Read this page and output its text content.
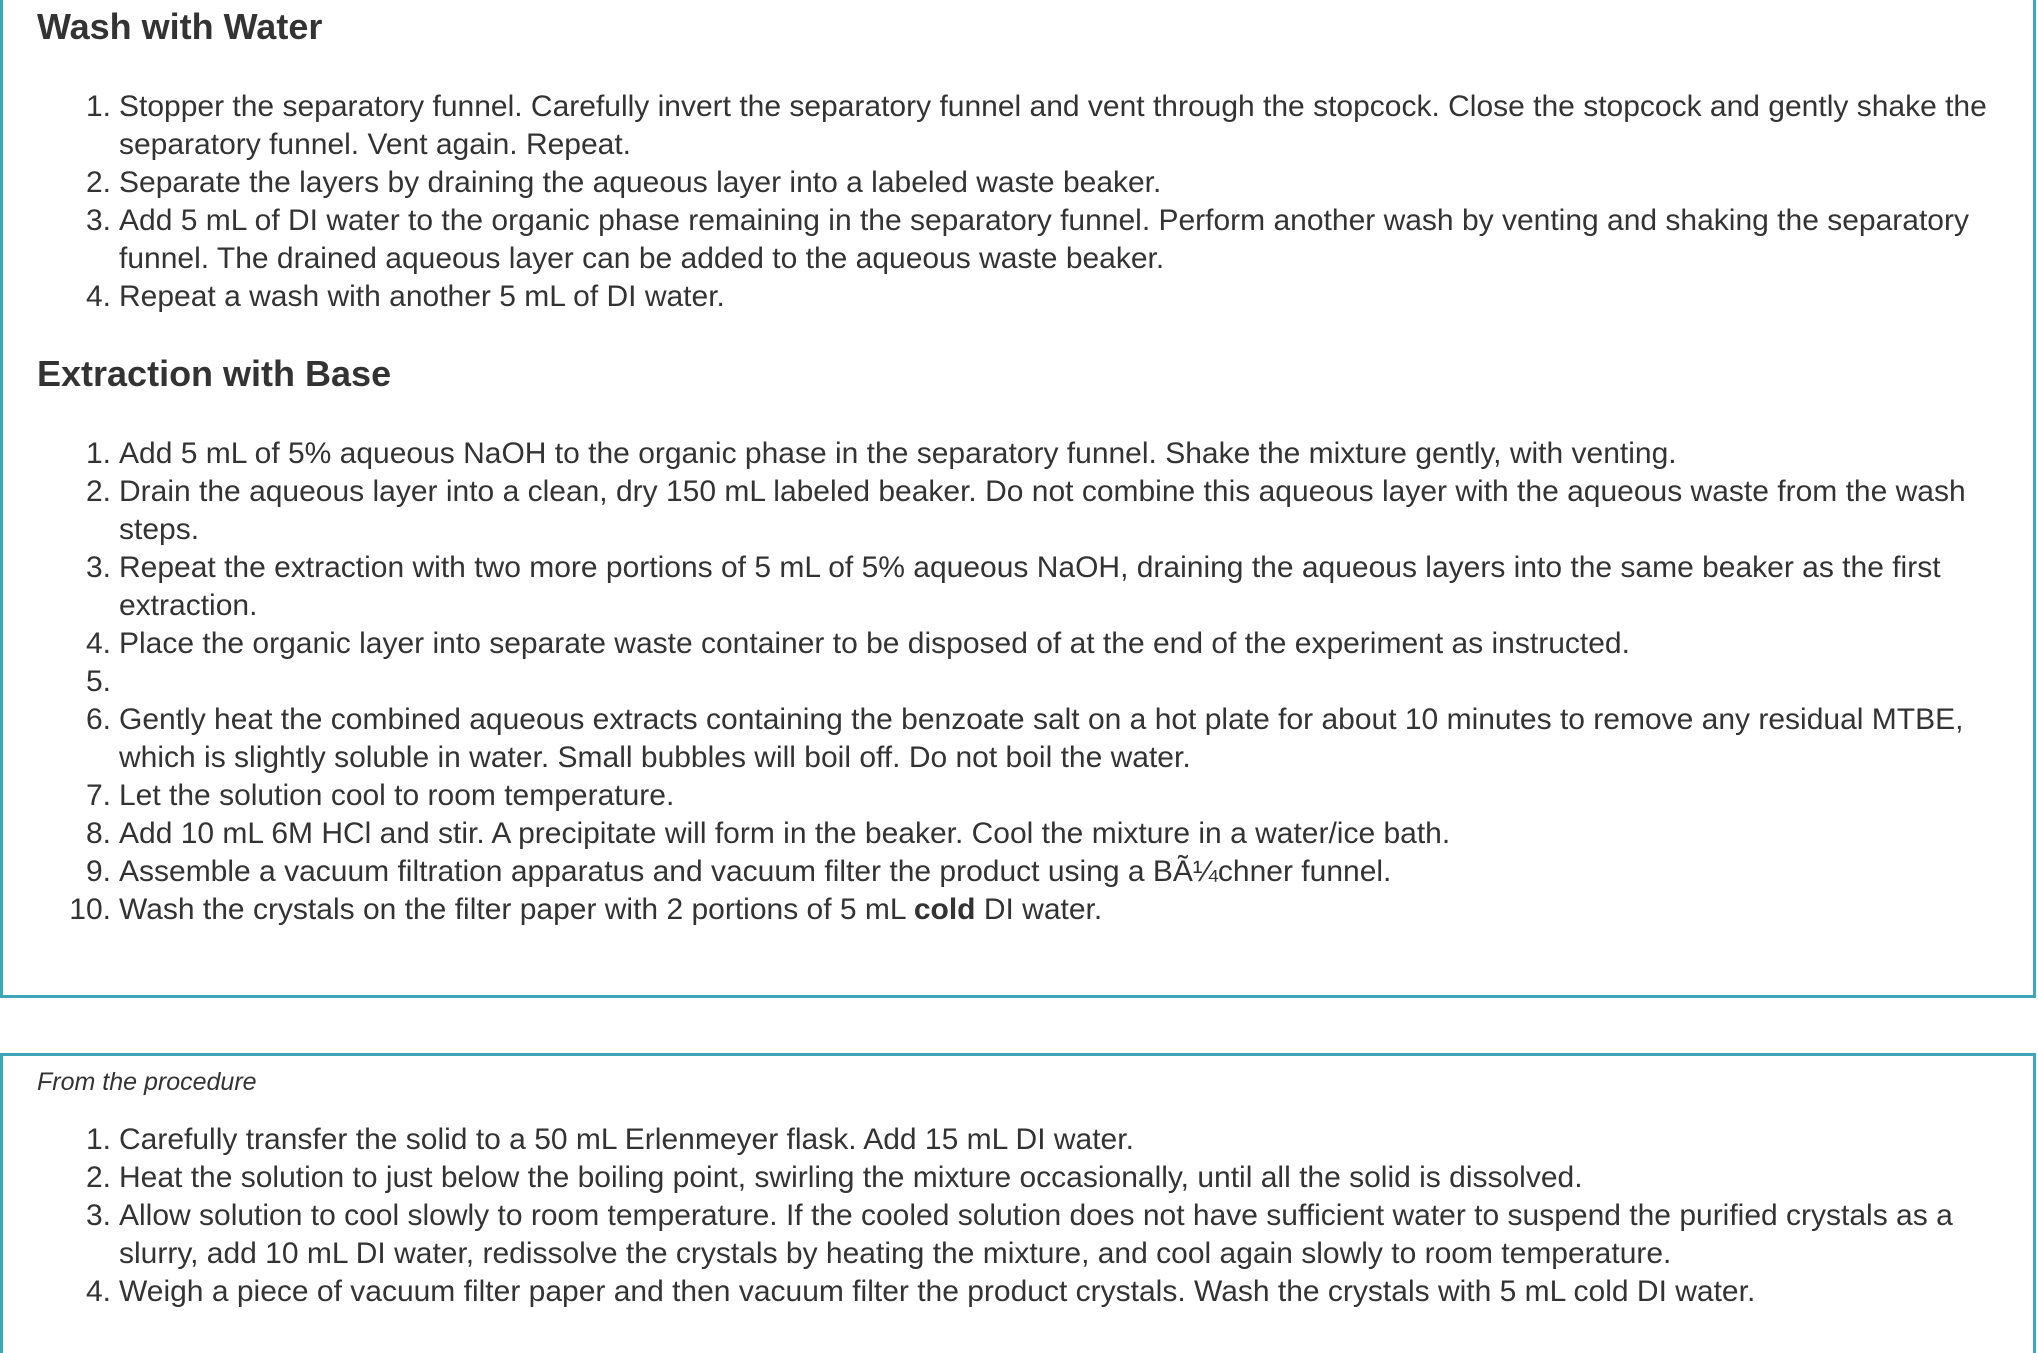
Wash with Water
1. Stopper the separatory funnel. Carefully invert the separatory funnel and vent through the stopcock. Close the stopcock and gently shake the separatory funnel. Vent again. Repeat.
2. Separate the layers by draining the aqueous layer into a labeled waste beaker.
3. Add 5 mL of DI water to the organic phase remaining in the separatory funnel. Perform another wash by venting and shaking the separatory funnel. The drained aqueous layer can be added to the aqueous waste beaker.
4. Repeat a wash with another 5 mL of DI water.
Extraction with Base
1. Add 5 mL of 5% aqueous NaOH to the organic phase in the separatory funnel. Shake the mixture gently, with venting.
2. Drain the aqueous layer into a clean, dry 150 mL labeled beaker. Do not combine this aqueous layer with the aqueous waste from the wash steps.
3. Repeat the extraction with two more portions of 5 mL of 5% aqueous NaOH, draining the aqueous layers into the same beaker as the first extraction.
4. Place the organic layer into separate waste container to be disposed of at the end of the experiment as instructed.
5.
6. Gently heat the combined aqueous extracts containing the benzoate salt on a hot plate for about 10 minutes to remove any residual MTBE, which is slightly soluble in water. Small bubbles will boil off. Do not boil the water.
7. Let the solution cool to room temperature.
8. Add 10 mL 6M HCl and stir. A precipitate will form in the beaker. Cool the mixture in a water/ice bath.
9. Assemble a vacuum filtration apparatus and vacuum filter the product using a BÃ¼chner funnel.
10. Wash the crystals on the filter paper with 2 portions of 5 mL cold DI water.

From the procedure

1. Carefully transfer the solid to a 50 mL Erlenmeyer flask. Add 15 mL DI water.
2. Heat the solution to just below the boiling point, swirling the mixture occasionally, until all the solid is dissolved.
3. Allow solution to cool slowly to room temperature. If the cooled solution does not have sufficient water to suspend the purified crystals as a slurry, add 10 mL DI water, redissolve the crystals by heating the mixture, and cool again slowly to room temperature.
4. Weigh a piece of vacuum filter paper and then vacuum filter the product crystals. Wash the crystals with 5 mL cold DI water.
